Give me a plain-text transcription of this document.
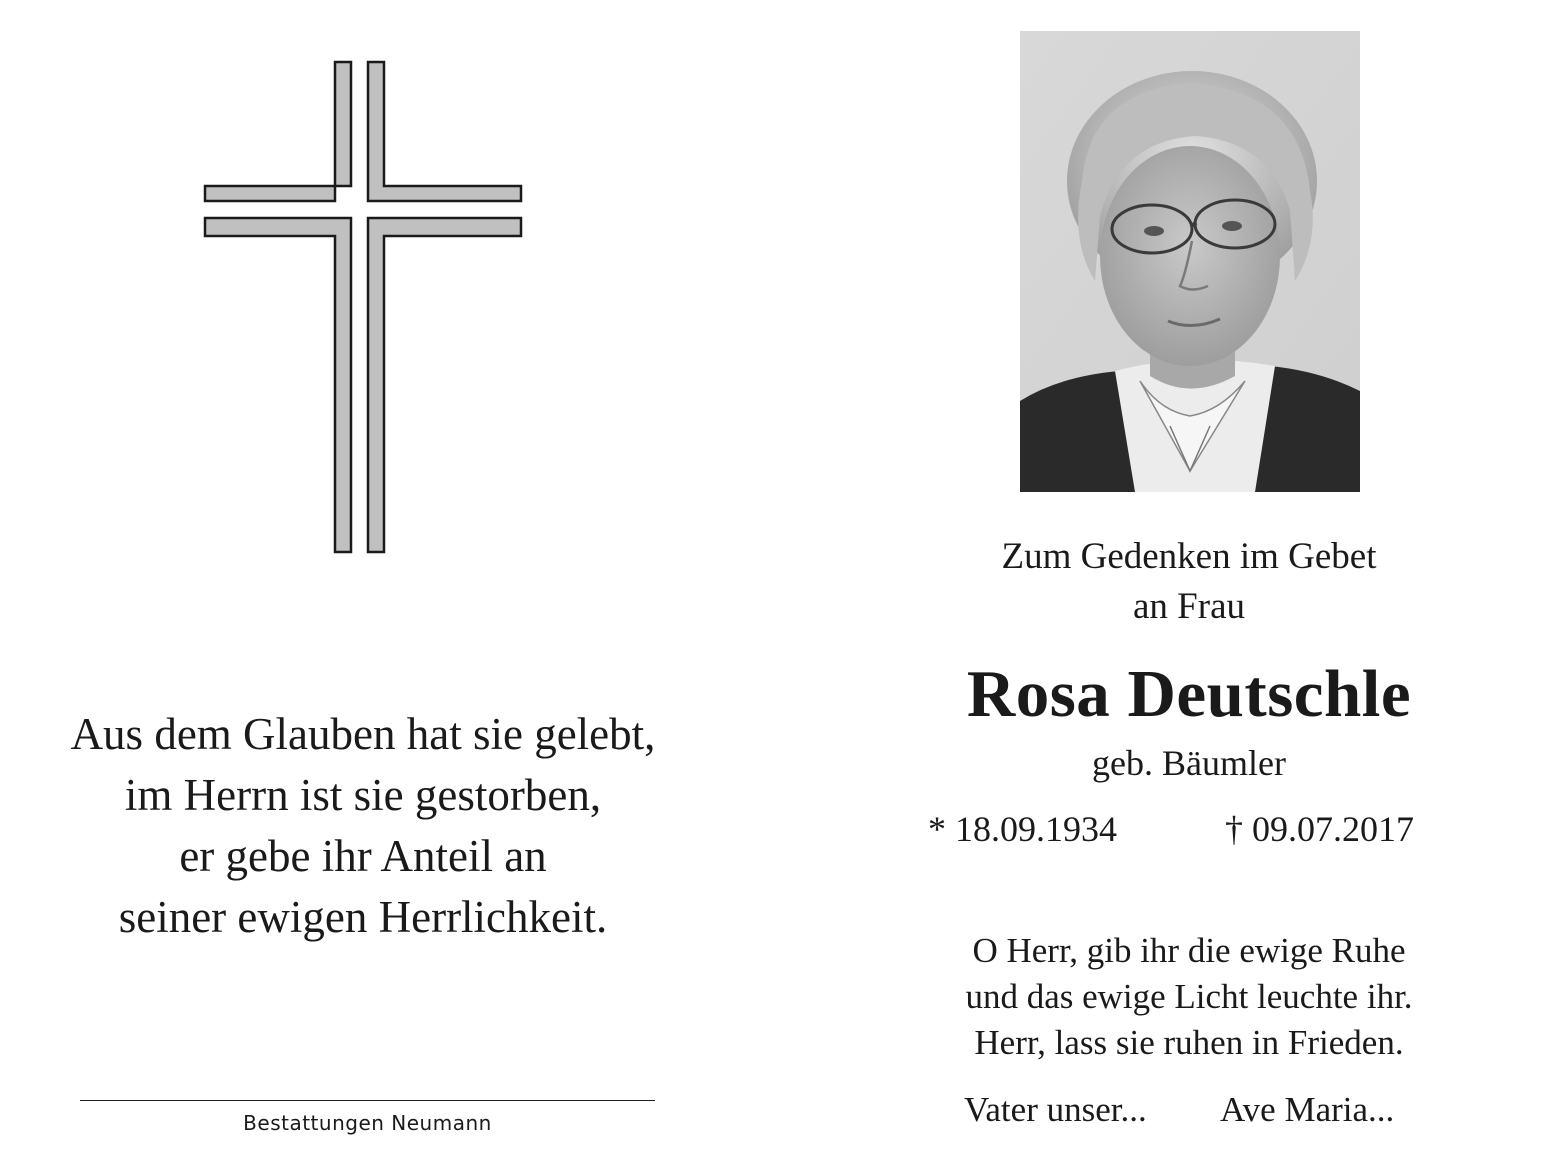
Aus dem Glauben hat sie gelebt,
im Herrn ist sie gestorben,
er gebe ihr Anteil an
seiner ewigen Herrlichkeit.
Bestattungen Neumann
Zum Gedenken im Gebet
an Frau
Rosa Deutschle
geb. Bäumler
* 18.09.1934	† 09.07.2017
O Herr, gib ihr die ewige Ruhe
und das ewige Licht leuchte ihr.
Herr, lass sie ruhen in Frieden.
Vater unser... Ave Maria...
